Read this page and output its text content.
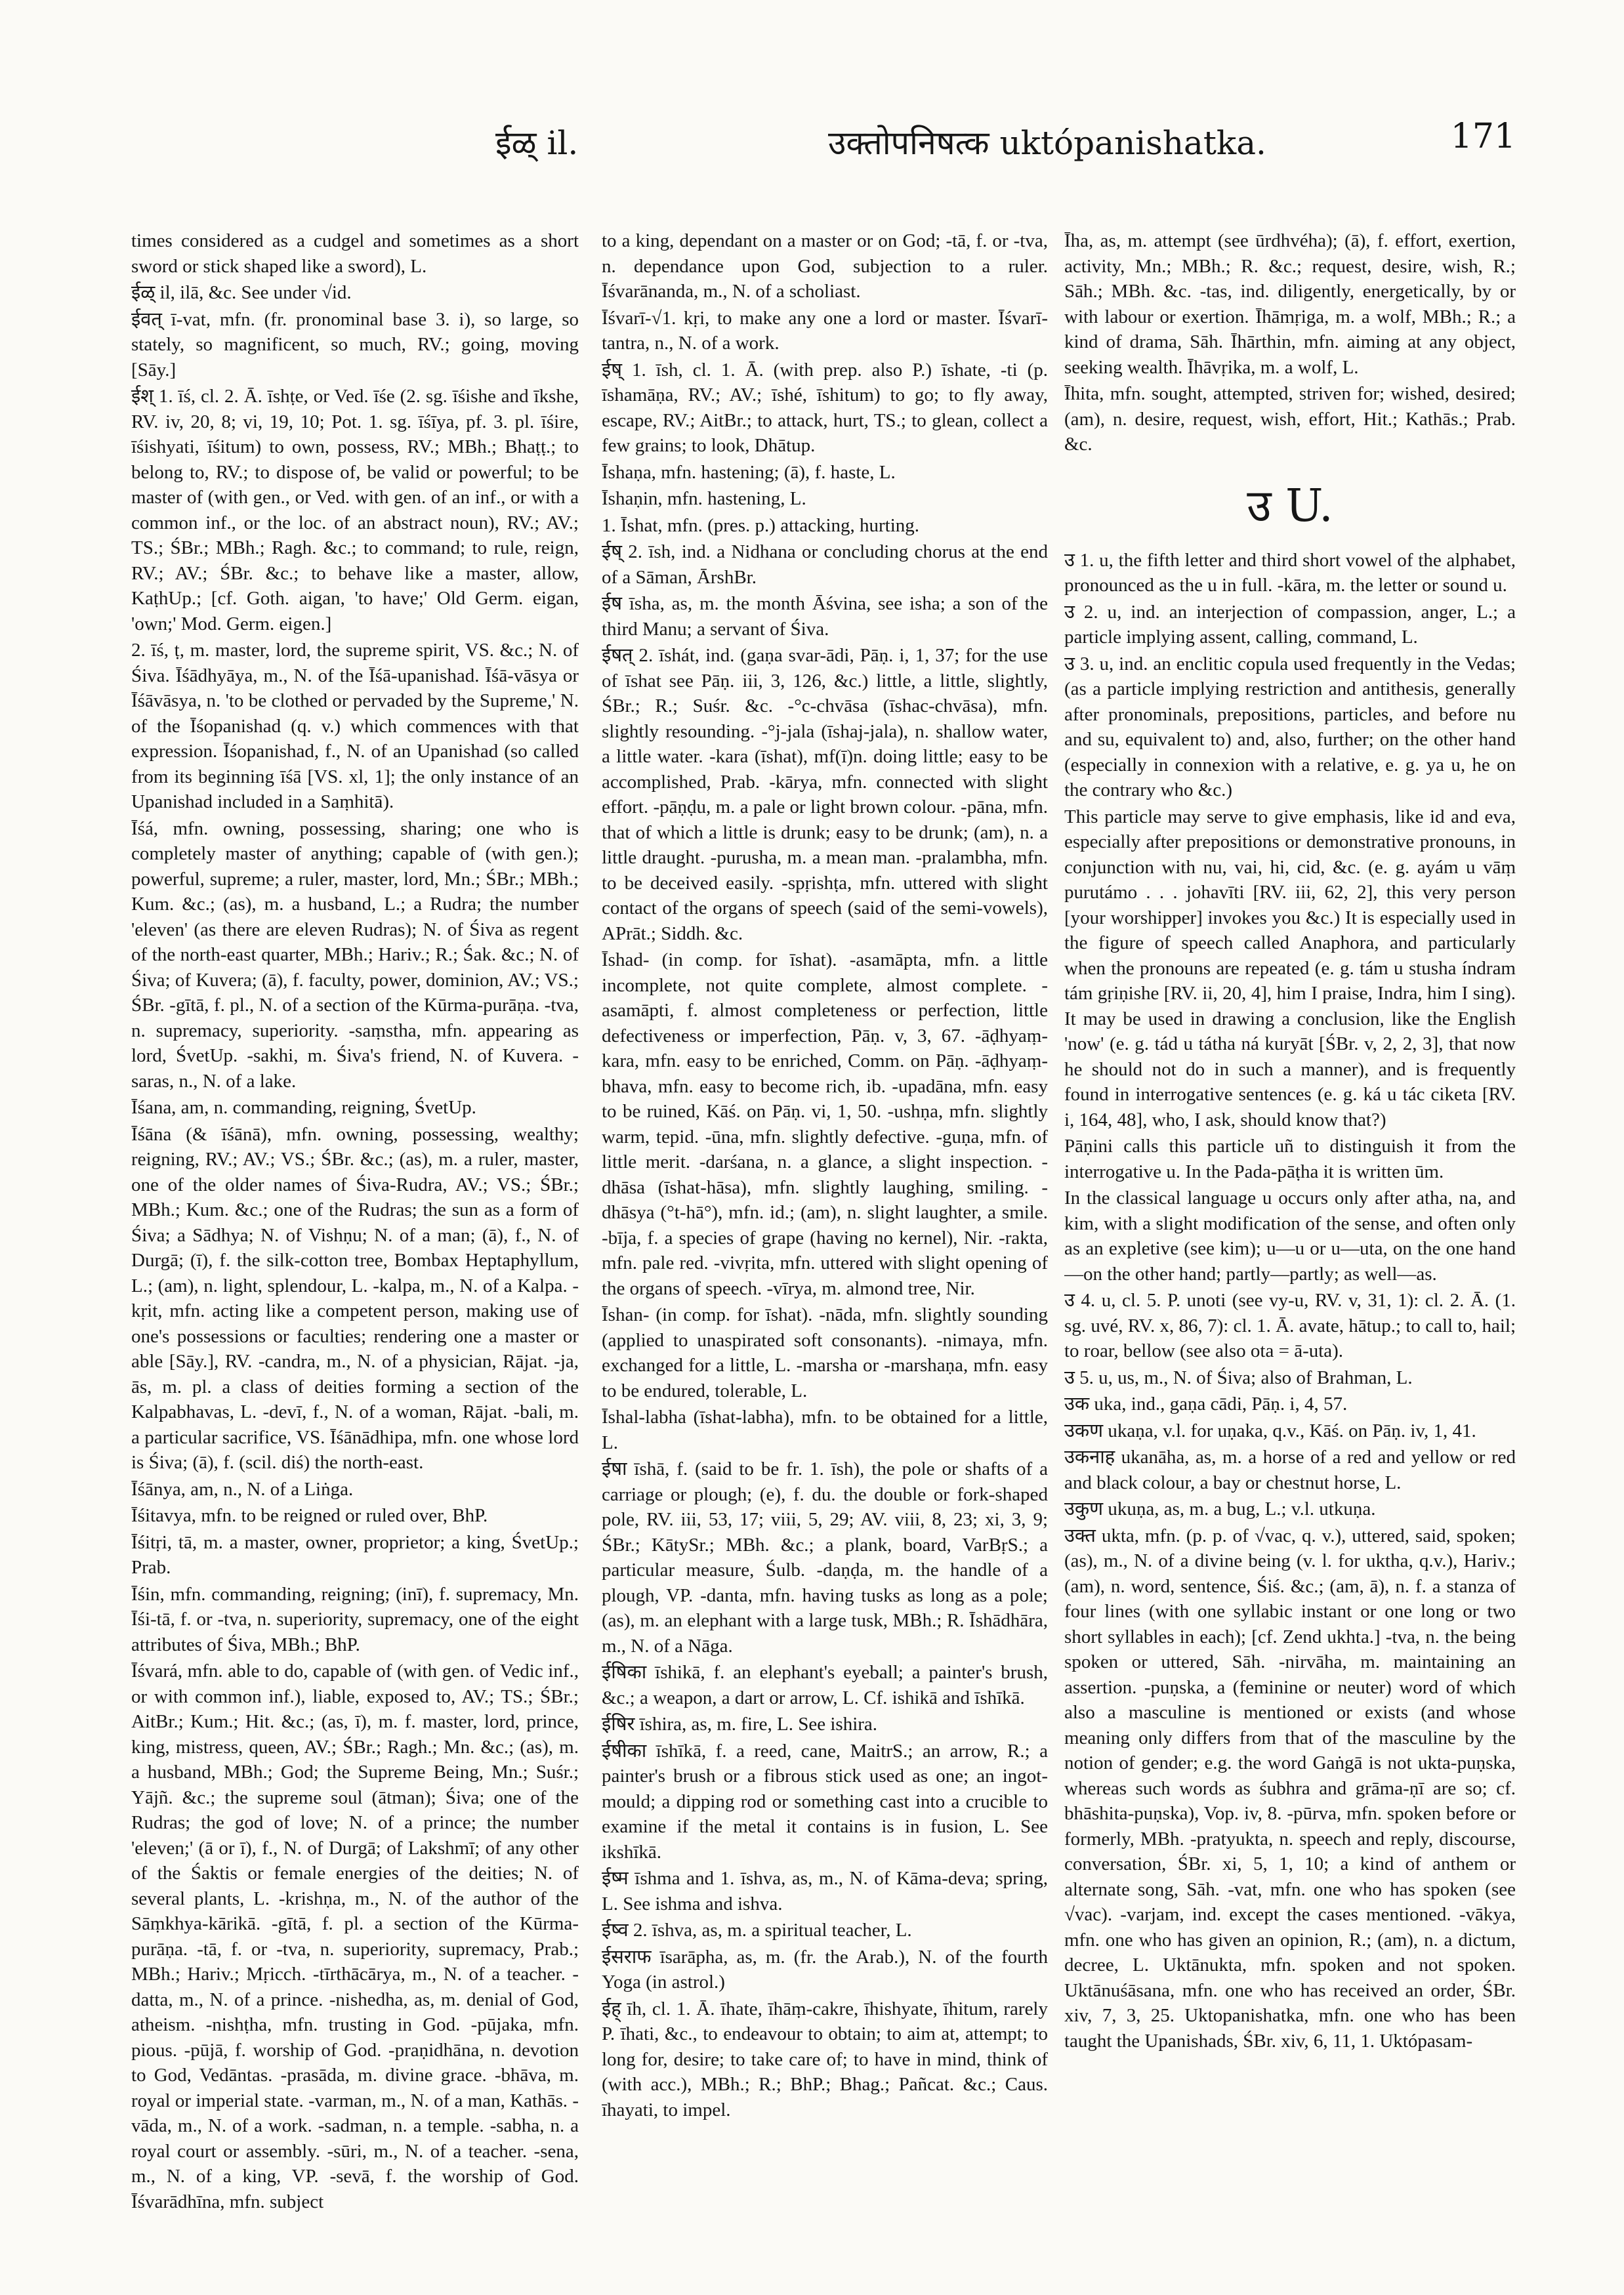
ईळ् il.	उक्तोपनिषत्क uktópanishatka.	171

times considered as a cudgel and sometimes as a short sword or stick shaped like a sword), L.

ईळ् il, ilā, &c. See under √id.

ईवत् ī-vat, mfn. (fr. pronominal base 3. i), so large, so stately, so magnificent, so much, RV.; going, moving [Sāy.]

ईश् 1. īś, cl. 2. Ā. īshṭe, or Ved. īśe (2. sg. īśishe and īkshe, RV. iv, 20, 8; vi, 19, 10; Pot. 1. sg. īśīya, pf. 3. pl. īśire, īśishyati, īśitum) to own, possess, RV.; MBh.; Bhaṭṭ.; to belong to, RV.; to dispose of, be valid or powerful; to be master of (with gen., or Ved. with gen. of an inf., or with a common inf., or the loc. of an abstract noun), RV.; AV.; TS.; ŚBr.; MBh.; Ragh. &c.; to command; to rule, reign, RV.; AV.; ŚBr. &c.; to behave like a master, allow, KaṭhUp.; [cf. Goth. aigan, 'to have;' Old Germ. eigan, 'own;' Mod. Germ. eigen.]

2. īś, ṭ, m. master, lord, the supreme spirit, VS. &c.; N. of Śiva. Īśādhyāya, m., N. of the Īśā-upanishad. Īśā-vāsya or Īśāvāsya, n. 'to be clothed or pervaded by the Supreme,' N. of the Īśopanishad (q. v.) which commences with that expression. Īśopanishad, f., N. of an Upanishad (so called from its beginning īśā [VS. xl, 1]; the only instance of an Upanishad included in a Saṃhitā).

Īśá, mfn. owning, possessing, sharing; one who is completely master of anything; capable of (with gen.); powerful, supreme; a ruler, master, lord, Mn.; ŚBr.; MBh.; Kum. &c.; (as), m. a husband, L.; a Rudra; the number 'eleven' (as there are eleven Rudras); N. of Śiva as regent of the north-east quarter, MBh.; Hariv.; R.; Śak. &c.; N. of Śiva; of Kuvera; (ā), f. faculty, power, dominion, AV.; VS.; ŚBr. -gītā, f. pl., N. of a section of the Kūrma-purāṇa. -tva, n. supremacy, superiority. -saṃstha, mfn. appearing as lord, ŚvetUp. -sakhi, m. Śiva's friend, N. of Kuvera. -saras, n., N. of a lake.

Īśana, am, n. commanding, reigning, ŚvetUp.

Īśāna (& īśānā), mfn. owning, possessing, wealthy; reigning, RV.; AV.; VS.; ŚBr. &c.; (as), m. a ruler, master, one of the older names of Śiva-Rudra, AV.; VS.; ŚBr.; MBh.; Kum. &c.; one of the Rudras; the sun as a form of Śiva; a Sādhya; N. of Vishṇu; N. of a man; (ā), f., N. of Durgā; (ī), f. the silk-cotton tree, Bombax Heptaphyllum, L.; (am), n. light, splendour, L. -kalpa, m., N. of a Kalpa. -kṛit, mfn. acting like a competent person, making use of one's possessions or faculties; rendering one a master or able [Sāy.], RV. -candra, m., N. of a physician, Rājat. -ja, ās, m. pl. a class of deities forming a section of the Kalpabhavas, L. -devī, f., N. of a woman, Rājat. -bali, m. a particular sacrifice, VS. Īśānādhipa, mfn. one whose lord is Śiva; (ā), f. (scil. diś) the north-east.

Īśānya, am, n., N. of a Liṅga.

Īśitavya, mfn. to be reigned or ruled over, BhP.

Īśitṛi, tā, m. a master, owner, proprietor; a king, ŚvetUp.; Prab.

Īśin, mfn. commanding, reigning; (inī), f. supremacy, Mn. Īśi-tā, f. or -tva, n. superiority, supremacy, one of the eight attributes of Śiva, MBh.; BhP.

Īśvará, mfn. able to do, capable of (with gen. of Vedic inf., or with common inf.), liable, exposed to, AV.; TS.; ŚBr.; AitBr.; Kum.; Hit. &c.; (as, ī), m. f. master, lord, prince, king, mistress, queen, AV.; ŚBr.; Ragh.; Mn. &c.; (as), m. a husband, MBh.; God; the Supreme Being, Mn.; Suśr.; Yājñ. &c.; the supreme soul (ātman); Śiva; one of the Rudras; the god of love; N. of a prince; the number 'eleven;' (ā or ī), f., N. of Durgā; of Lakshmī; of any other of the Śaktis or female energies of the deities; N. of several plants, L. -krishṇa, m., N. of the author of the Sāṃkhya-kārikā. -gītā, f. pl. a section of the Kūrma-purāṇa. -tā, f. or -tva, n. superiority, supremacy, Prab.; MBh.; Hariv.; Mṛicch. -tīrthācārya, m., N. of a teacher. -datta, m., N. of a prince. -nishedha, as, m. denial of God, atheism. -nishṭha, mfn. trusting in God. -pūjaka, mfn. pious. -pūjā, f. worship of God. -praṇidhāna, n. devotion to God, Vedāntas. -prasāda, m. divine grace. -bhāva, m. royal or imperial state. -varman, m., N. of a man, Kathās. -vāda, m., N. of a work. -sadman, n. a temple. -sabha, n. a royal court or assembly. -sūri, m., N. of a teacher. -sena, m., N. of a king, VP. -sevā, f. the worship of God. Īśvarādhīna, mfn. subject

to a king, dependant on a master or on God; -tā, f. or -tva, n. dependance upon God, subjection to a ruler. Īśvarānanda, m., N. of a scholiast.

Īśvarī-√1. kṛi, to make any one a lord or master. Īśvarī-tantra, n., N. of a work.

ईष् 1. īsh, cl. 1. Ā. (with prep. also P.) īshate, -ti (p. īshamāṇa, RV.; AV.; īshé, īshitum) to go; to fly away, escape, RV.; AitBr.; to attack, hurt, TS.; to glean, collect a few grains; to look, Dhātup.

Īshaṇa, mfn. hastening; (ā), f. haste, L.

Īshaṇin, mfn. hastening, L.

1. Īshat, mfn. (pres. p.) attacking, hurting.

ईष् 2. īsh, ind. a Nidhana or concluding chorus at the end of a Sāman, ĀrshBr.

ईष īsha, as, m. the month Āśvina, see isha; a son of the third Manu; a servant of Śiva.

ईषत् 2. īshát, ind. (gaṇa svar-ādi, Pāṇ. i, 1, 37; for the use of īshat see Pāṇ. iii, 3, 126, &c.) little, a little, slightly, ŚBr.; R.; Suśr. &c. -°c-chvāsa (īshac-chvāsa), mfn. slightly resounding. -°j-jala (īshaj-jala), n. shallow water, a little water. -kara (īshat), mf(ī)n. doing little; easy to be accomplished, Prab. -kārya, mfn. connected with slight effort. -pāṇḍu, m. a pale or light brown colour. -pāna, mfn. that of which a little is drunk; easy to be drunk; (am), n. a little draught. -purusha, m. a mean man. -pralambha, mfn. to be deceived easily. -spṛishṭa, mfn. uttered with slight contact of the organs of speech (said of the semi-vowels), APrāt.; Siddh. &c.

Īshad- (in comp. for īshat). -asamāpta, mfn. a little incomplete, not quite complete, almost complete. -asamāpti, f. almost completeness or perfection, little defectiveness or imperfection, Pāṇ. v, 3, 67. -āḍhyaṃ-kara, mfn. easy to be enriched, Comm. on Pāṇ. -āḍhyaṃ-bhava, mfn. easy to become rich, ib. -upadāna, mfn. easy to be ruined, Kāś. on Pāṇ. vi, 1, 50. -ushṇa, mfn. slightly warm, tepid. -ūna, mfn. slightly defective. -guṇa, mfn. of little merit. -darśana, n. a glance, a slight inspection. -dhāsa (īshat-hāsa), mfn. slightly laughing, smiling. -dhāsya (°t-hā°), mfn. id.; (am), n. slight laughter, a smile. -bīja, f. a species of grape (having no kernel), Nir. -rakta, mfn. pale red. -vivṛita, mfn. uttered with slight opening of the organs of speech. -vīrya, m. almond tree, Nir.

Īshan- (in comp. for īshat). -nāda, mfn. slightly sounding (applied to unaspirated soft consonants). -nimaya, mfn. exchanged for a little, L. -marsha or -marshaṇa, mfn. easy to be endured, tolerable, L.

Īshal-labha (īshat-labha), mfn. to be obtained for a little, L.

ईषा īshā, f. (said to be fr. 1. īsh), the pole or shafts of a carriage or plough; (e), f. du. the double or fork-shaped pole, RV. iii, 53, 17; viii, 5, 29; AV. viii, 8, 23; xi, 3, 9; ŚBr.; KātySr.; MBh. &c.; a plank, board, VarBṛS.; a particular measure, Śulb. -daṇḍa, m. the handle of a plough, VP. -danta, mfn. having tusks as long as a pole; (as), m. an elephant with a large tusk, MBh.; R. Īshādhāra, m., N. of a Nāga.

ईषिका īshikā, f. an elephant's eyeball; a painter's brush, &c.; a weapon, a dart or arrow, L. Cf. ishikā and īshīkā.

ईषिर īshira, as, m. fire, L. See ishira.

ईषीका īshīkā, f. a reed, cane, MaitrS.; an arrow, R.; a painter's brush or a fibrous stick used as one; an ingot-mould; a dipping rod or something cast into a crucible to examine if the metal it contains is in fusion, L. See ikshīkā.

ईष्म īshma and 1. īshva, as, m., N. of Kāma-deva; spring, L. See ishma and ishva.

ईष्व 2. īshva, as, m. a spiritual teacher, L.

ईसराफ īsarāpha, as, m. (fr. the Arab.), N. of the fourth Yoga (in astrol.)

ईह् īh, cl. 1. Ā. īhate, īhāṃ-cakre, īhishyate, īhitum, rarely P. īhati, &c., to endeavour to obtain; to aim at, attempt; to long for, desire; to take care of; to have in mind, think of (with acc.), MBh.; R.; BhP.; Bhag.; Pañcat. &c.; Caus. īhayati, to impel.

Īha, as, m. attempt (see ūrdhvéha); (ā), f. effort, exertion, activity, Mn.; MBh.; R. &c.; request, desire, wish, R.; Sāh.; MBh. &c. -tas, ind. diligently, energetically, by or with labour or exertion. Īhāmṛiga, m. a wolf, MBh.; R.; a kind of drama, Sāh. Īhārthin, mfn. aiming at any object, seeking wealth. Īhāvṛika, m. a wolf, L.

Īhita, mfn. sought, attempted, striven for; wished, desired; (am), n. desire, request, wish, effort, Hit.; Kathās.; Prab. &c.

उ U.

उ 1. u, the fifth letter and third short vowel of the alphabet, pronounced as the u in full. -kāra, m. the letter or sound u.

उ 2. u, ind. an interjection of compassion, anger, L.; a particle implying assent, calling, command, L.

उ 3. u, ind. an enclitic copula used frequently in the Vedas; (as a particle implying restriction and antithesis, generally after pronominals, prepositions, particles, and before nu and su, equivalent to) and, also, further; on the other hand (especially in connexion with a relative, e. g. ya u, he on the contrary who &c.)

This particle may serve to give emphasis, like id and eva, especially after prepositions or demonstrative pronouns, in conjunction with nu, vai, hi, cid, &c. (e. g. ayám u vāṃ purutámo . . . johavīti [RV. iii, 62, 2], this very person [your worshipper] invokes you &c.) It is especially used in the figure of speech called Anaphora, and particularly when the pronouns are repeated (e. g. tám u stusha índram tám gṛiṇishe [RV. ii, 20, 4], him I praise, Indra, him I sing). It may be used in drawing a conclusion, like the English 'now' (e. g. tád u tátha ná kuryāt [ŚBr. v, 2, 2, 3], that now he should not do in such a manner), and is frequently found in interrogative sentences (e. g. ká u tác ciketa [RV. i, 164, 48], who, I ask, should know that?)

Pāṇini calls this particle uñ to distinguish it from the interrogative u. In the Pada-pāṭha it is written ūm.

In the classical language u occurs only after atha, na, and kim, with a slight modification of the sense, and often only as an expletive (see kim); u—u or u—uta, on the one hand—on the other hand; partly—partly; as well—as.

उ 4. u, cl. 5. P. unoti (see vy-u, RV. v, 31, 1): cl. 2. Ā. (1. sg. uvé, RV. x, 86, 7): cl. 1. Ā. avate, hātup.; to call to, hail; to roar, bellow (see also ota = ā-uta).

उ 5. u, us, m., N. of Śiva; also of Brahman, L.

उक uka, ind., gaṇa cādi, Pāṇ. i, 4, 57.

उकण ukaṇa, v.l. for uṇaka, q.v., Kāś. on Pāṇ. iv, 1, 41.

उकनाह ukanāha, as, m. a horse of a red and yellow or red and black colour, a bay or chestnut horse, L.

उकुण ukuṇa, as, m. a bug, L.; v.l. utkuṇa.

उक्त ukta, mfn. (p. p. of √vac, q. v.), uttered, said, spoken; (as), m., N. of a divine being (v. l. for uktha, q.v.), Hariv.; (am), n. word, sentence, Śiś. &c.; (am, ā), n. f. a stanza of four lines (with one syllabic instant or one long or two short syllables in each); [cf. Zend ukhta.] -tva, n. the being spoken or uttered, Sāh. -nirvāha, m. maintaining an assertion. -puṇska, a (feminine or neuter) word of which also a masculine is mentioned or exists (and whose meaning only differs from that of the masculine by the notion of gender; e.g. the word Gaṅgā is not ukta-puṇska, whereas such words as śubhra and grāma-ṇī are so; cf. bhāshita-puṇska), Vop. iv, 8. -pūrva, mfn. spoken before or formerly, MBh. -pratyukta, n. speech and reply, discourse, conversation, ŚBr. xi, 5, 1, 10; a kind of anthem or alternate song, Sāh. -vat, mfn. one who has spoken (see √vac). -varjam, ind. except the cases mentioned. -vākya, mfn. one who has given an opinion, R.; (am), n. a dictum, decree, L. Uktānukta, mfn. spoken and not spoken. Uktānuśāsana, mfn. one who has received an order, ŚBr. xiv, 7, 3, 25. Uktopanishatka, mfn. one who has been taught the Upanishads, ŚBr. xiv, 6, 11, 1. Uktópasam-
